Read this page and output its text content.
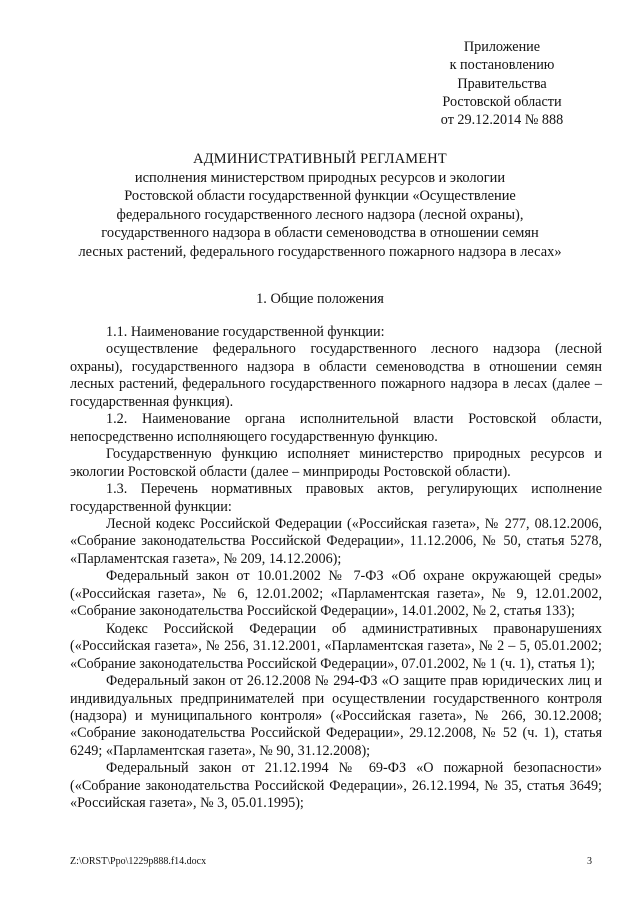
Приложение
к постановлению
Правительства
Ростовской области
от 29.12.2014 № 888
АДМИНИСТРАТИВНЫЙ РЕГЛАМЕНТ
исполнения министерством природных ресурсов и экологии
Ростовской области государственной функции «Осуществление
федерального государственного лесного надзора (лесной охраны),
государственного надзора в области семеноводства в отношении семян
лесных растений, федерального государственного пожарного надзора в лесах»
1. Общие положения

1.1. Наименование государственной функции:

осуществление федерального государственного лесного надзора (лесной охраны), государственного надзора в области семеноводства в отношении семян лесных растений, федерального государственного пожарного надзора в лесах (далее – государственная функция).

1.2. Наименование органа исполнительной власти Ростовской области, непосредственно исполняющего государственную функцию.

Государственную функцию исполняет министерство природных ресурсов и экологии Ростовской области (далее – минприроды Ростовской области).

1.3. Перечень нормативных правовых актов, регулирующих исполнение государственной функции:

Лесной кодекс Российской Федерации («Российская газета», № 277, 08.12.2006, «Собрание законодательства Российской Федерации», 11.12.2006, № 50, статья 5278, «Парламентская газета», № 209, 14.12.2006);

Федеральный закон от 10.01.2002 № 7-ФЗ «Об охране окружающей среды» («Российская газета», № 6, 12.01.2002; «Парламентская газета», № 9, 12.01.2002, «Собрание законодательства Российской Федерации», 14.01.2002, № 2, статья 133);

Кодекс Российской Федерации об административных правонарушениях («Российская газета», № 256, 31.12.2001, «Парламентская газета», № 2 – 5, 05.01.2002; «Собрание законодательства Российской Федерации», 07.01.2002, № 1 (ч. 1), статья 1);

Федеральный закон от 26.12.2008 № 294-ФЗ «О защите прав юридических лиц и индивидуальных предпринимателей при осуществлении государственного контроля (надзора) и муниципального контроля» («Российская газета», № 266, 30.12.2008; «Собрание законодательства Российской Федерации», 29.12.2008, № 52 (ч. 1), статья 6249; «Парламентская газета», № 90, 31.12.2008);

Федеральный закон от 21.12.1994 № 69-ФЗ «О пожарной безопасности» («Собрание законодательства Российской Федерации», 26.12.1994, № 35, статья 3649; «Российская газета», № 3, 05.01.1995);

Z:\ORST\Ppo\1229p888.f14.docx	3
